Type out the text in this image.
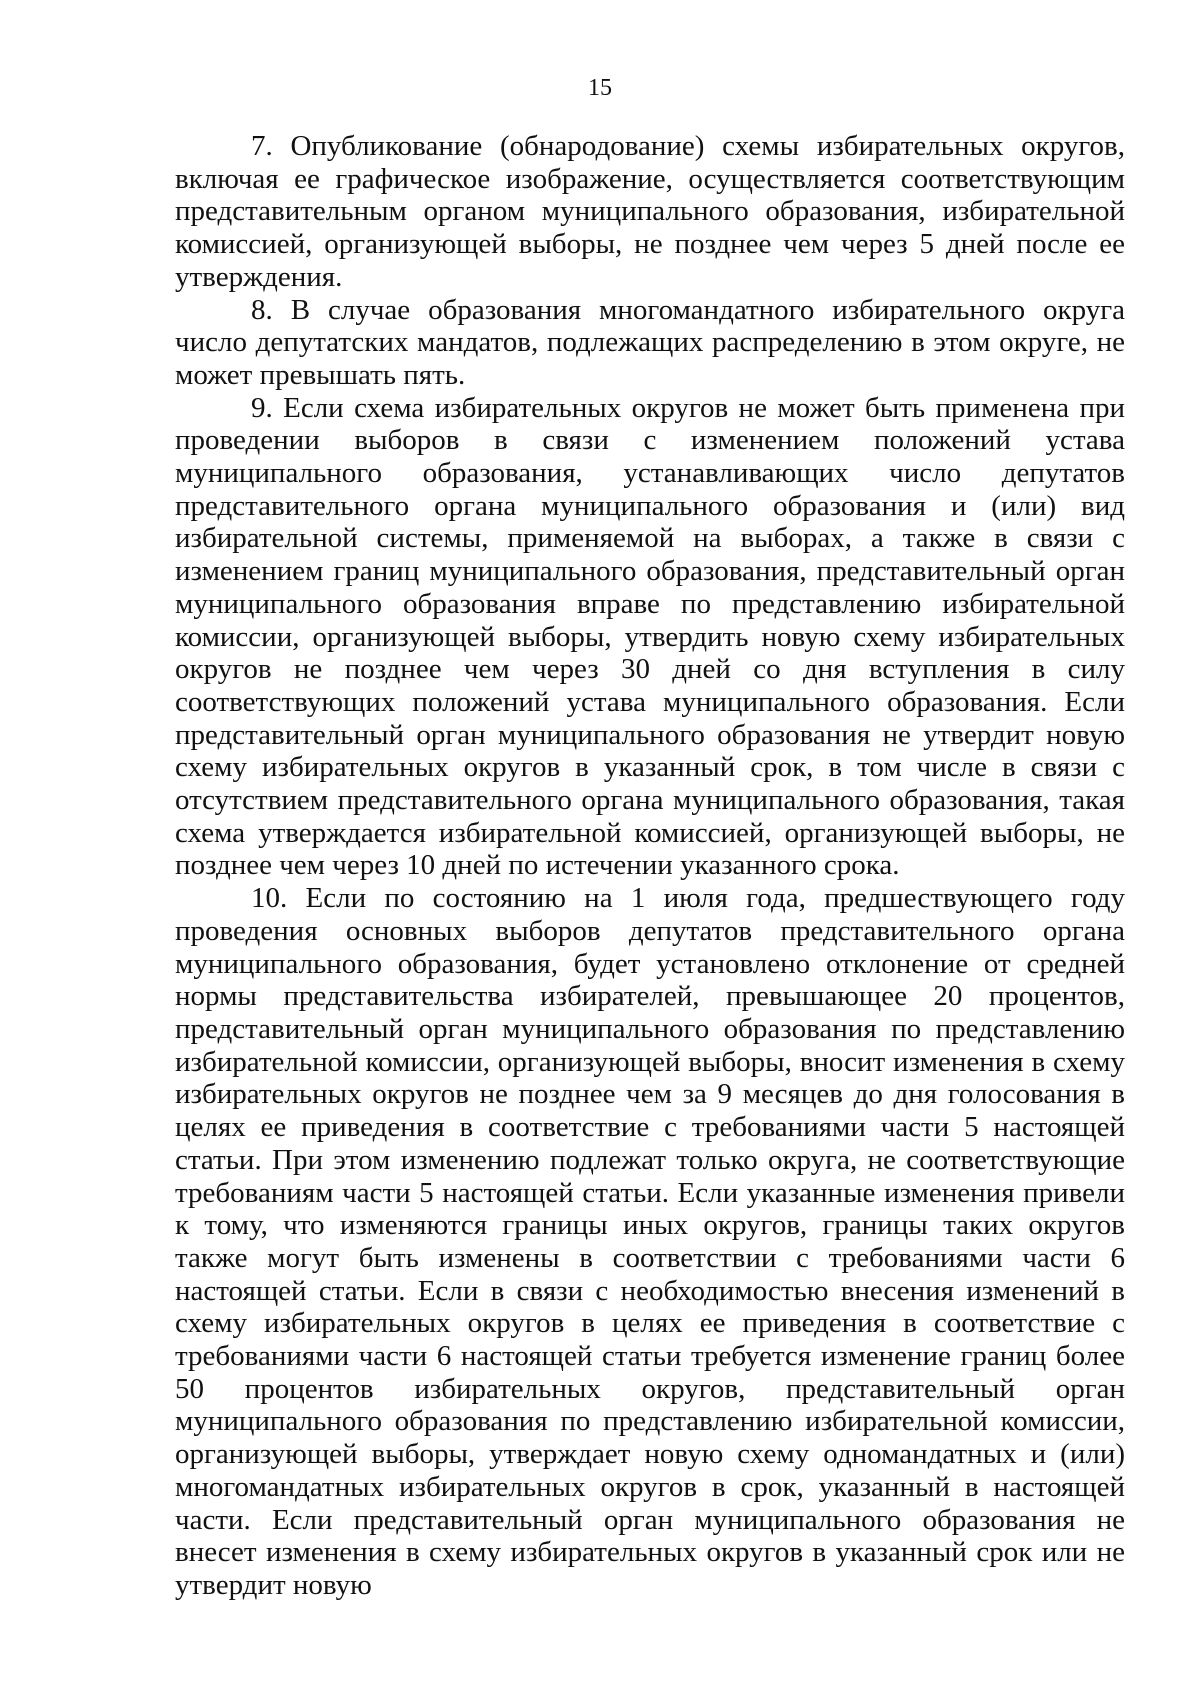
15

7. Опубликование (обнародование) схемы избирательных округов, включая ее графическое изображение, осуществляется соответствующим представительным органом муниципального образования, избирательной комиссией, организующей выборы, не позднее чем через 5 дней после ее утверждения.

8. В случае образования многомандатного избирательного округа число депутатских мандатов, подлежащих распределению в этом округе, не может превышать пять.

9. Если схема избирательных округов не может быть применена при проведении выборов в связи с изменением положений устава муниципального образования, устанавливающих число депутатов представительного органа муниципального образования и (или) вид избирательной системы, применяемой на выборах, а также в связи с изменением границ муниципального образования, представительный орган муниципального образования вправе по представлению избирательной комиссии, организующей выборы, утвердить новую схему избирательных округов не позднее чем через 30 дней со дня вступления в силу соответствующих положений устава муниципального образования. Если представительный орган муниципального образования не утвердит новую схему избирательных округов в указанный срок, в том числе в связи с отсутствием представительного органа муниципального образования, такая схема утверждается избирательной комиссией, организующей выборы, не позднее чем через 10 дней по истечении указанного срока.

10. Если по состоянию на 1 июля года, предшествующего году проведения основных выборов депутатов представительного органа муниципального образования, будет установлено отклонение от средней нормы представительства избирателей, превышающее 20 процентов, представительный орган муниципального образования по представлению избирательной комиссии, организующей выборы, вносит изменения в схему избирательных округов не позднее чем за 9 месяцев до дня голосования в целях ее приведения в соответствие с требованиями части 5 настоящей статьи. При этом изменению подлежат только округа, не соответствующие требованиям части 5 настоящей статьи. Если указанные изменения привели к тому, что изменяются границы иных округов, границы таких округов также могут быть изменены в соответствии с требованиями части 6 настоящей статьи. Если в связи с необходимостью внесения изменений в схему избирательных округов в целях ее приведения в соответствие с требованиями части 6 настоящей статьи требуется изменение границ более 50 процентов избирательных округов, представительный орган муниципального образования по представлению избирательной комиссии, организующей выборы, утверждает новую схему одномандатных и (или) многомандатных избирательных округов в срок, указанный в настоящей части. Если представительный орган муниципального образования не внесет изменения в схему избирательных округов в указанный срок или не утвердит новую
